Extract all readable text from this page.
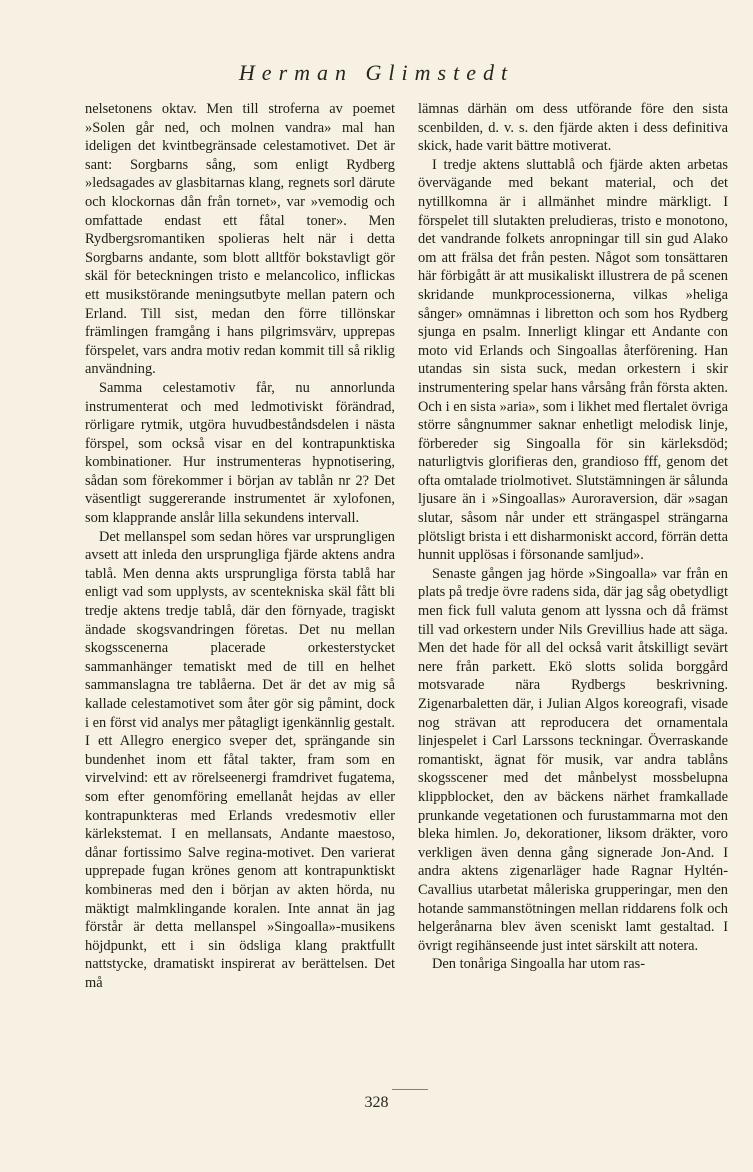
Herman Glimstedt

nelsetonens oktav. Men till stroferna av poemet »Solen går ned, och molnen vandra» mal han ideligen det kvintbegränsade celestamotivet. Det är sant: Sorgbarns sång, som enligt Rydberg »ledsagades av glasbitarnas klang, regnets sorl därute och klockornas dån från tornet», var »vemodig och omfattade endast ett fåtal toner». Men Rydbergsromantiken spolieras helt när i detta Sorgbarns andante, som blott alltför bokstavligt gör skäl för beteckningen tristo e melancolico, inflickas ett musikstörande meningsutbyte mellan patern och Erland. Till sist, medan den förre tillönskar främlingen framgång i hans pilgrimsvärv, upprepas förspelet, vars andra motiv redan kommit till så riklig användning.

Samma celestamotiv får, nu annorlunda instrumenterat och med ledmotiviskt förändrad, rörligare rytmik, utgöra huvudbeståndsdelen i nästa förspel, som också visar en del kontrapunktiska kombinationer. Hur instrumenteras hypnotisering, sådan som förekommer i början av tablån nr 2? Det väsentligt suggererande instrumentet är xylofonen, som klapprande anslår lilla sekundens intervall.

Det mellanspel som sedan höres var ursprungligen avsett att inleda den ursprungliga fjärde aktens andra tablå. Men denna akts ursprungliga första tablå har enligt vad som upplysts, av scentekniska skäl fått bli tredje aktens tredje tablå, där den förnyade, tragiskt ändade skogsvandringen företas. Det nu mellan skogsscenerna placerade orkesterstycket sammanhänger tematiskt med de till en helhet sammanslagna tre tablåerna. Det är det av mig så kallade celestamotivet som åter gör sig påmint, dock i en först vid analys mer påtagligt igenkännlig gestalt. I ett Allegro energico sveper det, sprängande sin bundenhet inom ett fåtal takter, fram som en virvelvind: ett av rörelseenergi framdrivet fugatema, som efter genomföring emellanåt hejdas av eller kontrapunkteras med Erlands vredesmotiv eller kärlekstemat. I en mellansats, Andante maestoso, dånar fortissimo Salve regina-motivet. Den varierat upprepade fugan krönes genom att kontrapunktiskt kombineras med den i början av akten hörda, nu mäktigt malmklingande koralen. Inte annat än jag förstår är detta mellanspel »Singoalla»-musikens höjdpunkt, ett i sin ödsliga klang praktfullt nattstycke, dramatiskt inspirerat av berättelsen. Det må

lämnas därhän om dess utförande före den sista scenbilden, d. v. s. den fjärde akten i dess definitiva skick, hade varit bättre motiverat.

I tredje aktens sluttablå och fjärde akten arbetas övervägande med bekant material, och det nytillkomna är i allmänhet mindre märkligt. I förspelet till slutakten preludieras, tristo e monotono, det vandrande folkets anropningar till sin gud Alako om att frälsa det från pesten. Något som tonsättaren här förbigått är att musikaliskt illustrera de på scenen skridande munkprocessionerna, vilkas »heliga sånger» omnämnas i libretton och som hos Rydberg sjunga en psalm. Innerligt klingar ett Andante con moto vid Erlands och Singoallas återförening. Han utandas sin sista suck, medan orkestern i skir instrumentering spelar hans vårsång från första akten. Och i en sista »aria», som i likhet med flertalet övriga större sångnummer saknar enhetligt melodisk linje, förbereder sig Singoalla för sin kärleksdöd; naturligtvis glorifieras den, grandioso fff, genom det ofta omtalade triolmotivet. Slutstämningen är sålunda ljusare än i »Singoallas» Auroraversion, där »sagan slutar, såsom når under ett strängaspel strängarna plötsligt brista i ett disharmoniskt accord, förrän detta hunnit upplösas i försonande samljud».

Senaste gången jag hörde »Singoalla» var från en plats på tredje övre radens sida, där jag såg obetydligt men fick full valuta genom att lyssna och då främst till vad orkestern under Nils Grevillius hade att säga. Men det hade för all del också varit åtskilligt sevärt nere från parkett. Ekö slotts solida borggård motsvarade nära Rydbergs beskrivning. Zigenarbaletten där, i Julian Algos koreografi, visade nog strävan att reproducera det ornamentala linjespelet i Carl Larssons teckningar. Överraskande romantiskt, ägnat för musik, var andra tablåns skogsscener med det månbelyst mossbelupna klippblocket, den av bäckens närhet framkallade prunkande vegetationen och furustammarna mot den bleka himlen. Jo, dekorationer, liksom dräkter, voro verkligen även denna gång signerade Jon-And. I andra aktens zigenarläger hade Ragnar Hyltén-Cavallius utarbetat måleriska grupperingar, men den hotande sammanstötningen mellan riddarens folk och helgerånarna blev även sceniskt lamt gestaltad. I övrigt regihänseende just intet särskilt att notera.

Den tonåriga Singoalla har utom ras-

328
